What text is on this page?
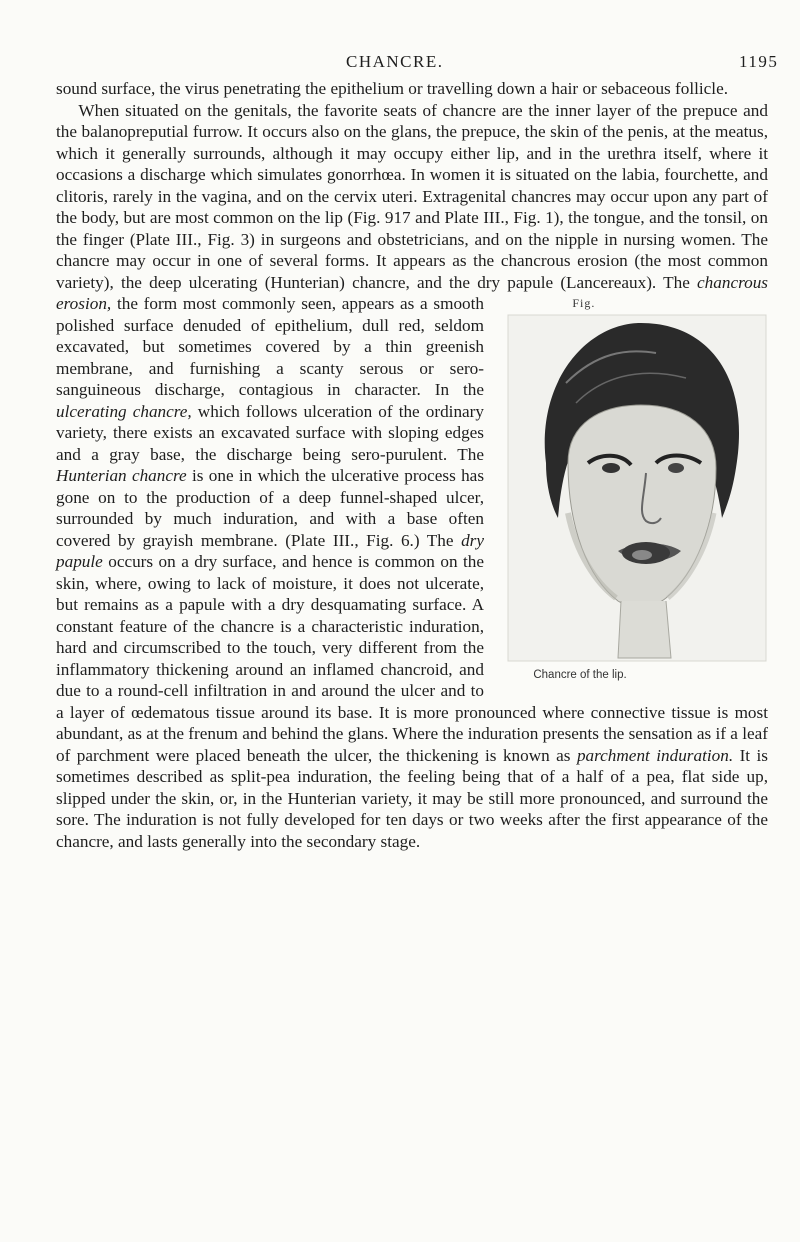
CHANCRE.	1195

sound surface, the virus penetrating the epithelium or travelling down a hair or sebaceous follicle.

When situated on the genitals, the favorite seats of chancre are the inner layer of the prepuce and the balanopreputial furrow. It occurs also on the glans, the prepuce, the skin of the penis, at the meatus, which it generally surrounds, although it may occupy either lip, and in the urethra itself, where it occasions a discharge which simulates gonorrhœa. In women it is situated on the labia, fourchette, and clitoris, rarely in the vagina, and on the cervix uteri. Extragenital chancres may occur upon any part of the body, but are most common on the lip (Fig. 917 and Plate III., Fig. 1), the tongue, and the tonsil, on the finger (Plate III., Fig. 3) in surgeons and obstetricians, and on the nipple in nursing women. The chancre may occur in one of several forms. It appears as the chancrous erosion (the most common variety), the deep ulcerating (Hunterian) chancre, and the dry papule (Lancereaux). The
Fig.
Chancre of the lip.
chancrous erosion, the form most commonly seen, appears as a smooth polished surface denuded of epithelium, dull red, seldom excavated, but sometimes covered by a thin greenish membrane, and furnishing a scanty serous or sero-sanguineous discharge, contagious in character. In the ulcerating chancre, which follows ulceration of the ordinary variety, there exists an excavated surface with sloping edges and a gray base, the discharge being sero-purulent. The Hunterian chancre is one in which the ulcerative process has gone on to the production of a deep funnel-shaped ulcer, surrounded by much induration, and with a base often covered by grayish membrane. (Plate III., Fig. 6.) The dry papule occurs on a dry surface, and hence is common on the skin, where, owing to lack of moisture, it does not ulcerate, but remains as a papule with a dry desquamating surface. A constant feature of the chancre is a characteristic induration, hard and circumscribed to the touch, very different from the inflammatory thickening around an inflamed chancroid, and due to a round-cell infiltration in and around the ulcer and to a layer of œdematous tissue around its base. It is more pronounced where connective tissue is most abundant, as at the frenum and behind the glans. Where the induration presents the sensation as if a leaf of parchment were placed beneath the ulcer, the thickening is known as parchment induration. It is sometimes described as split-pea induration, the feeling being that of a half of a pea, flat side up, slipped under the skin, or, in the Hunterian variety, it may be still more pronounced, and surround the sore. The induration is not fully developed for ten days or two weeks after the first appearance of the chancre, and lasts generally into the secondary stage.
